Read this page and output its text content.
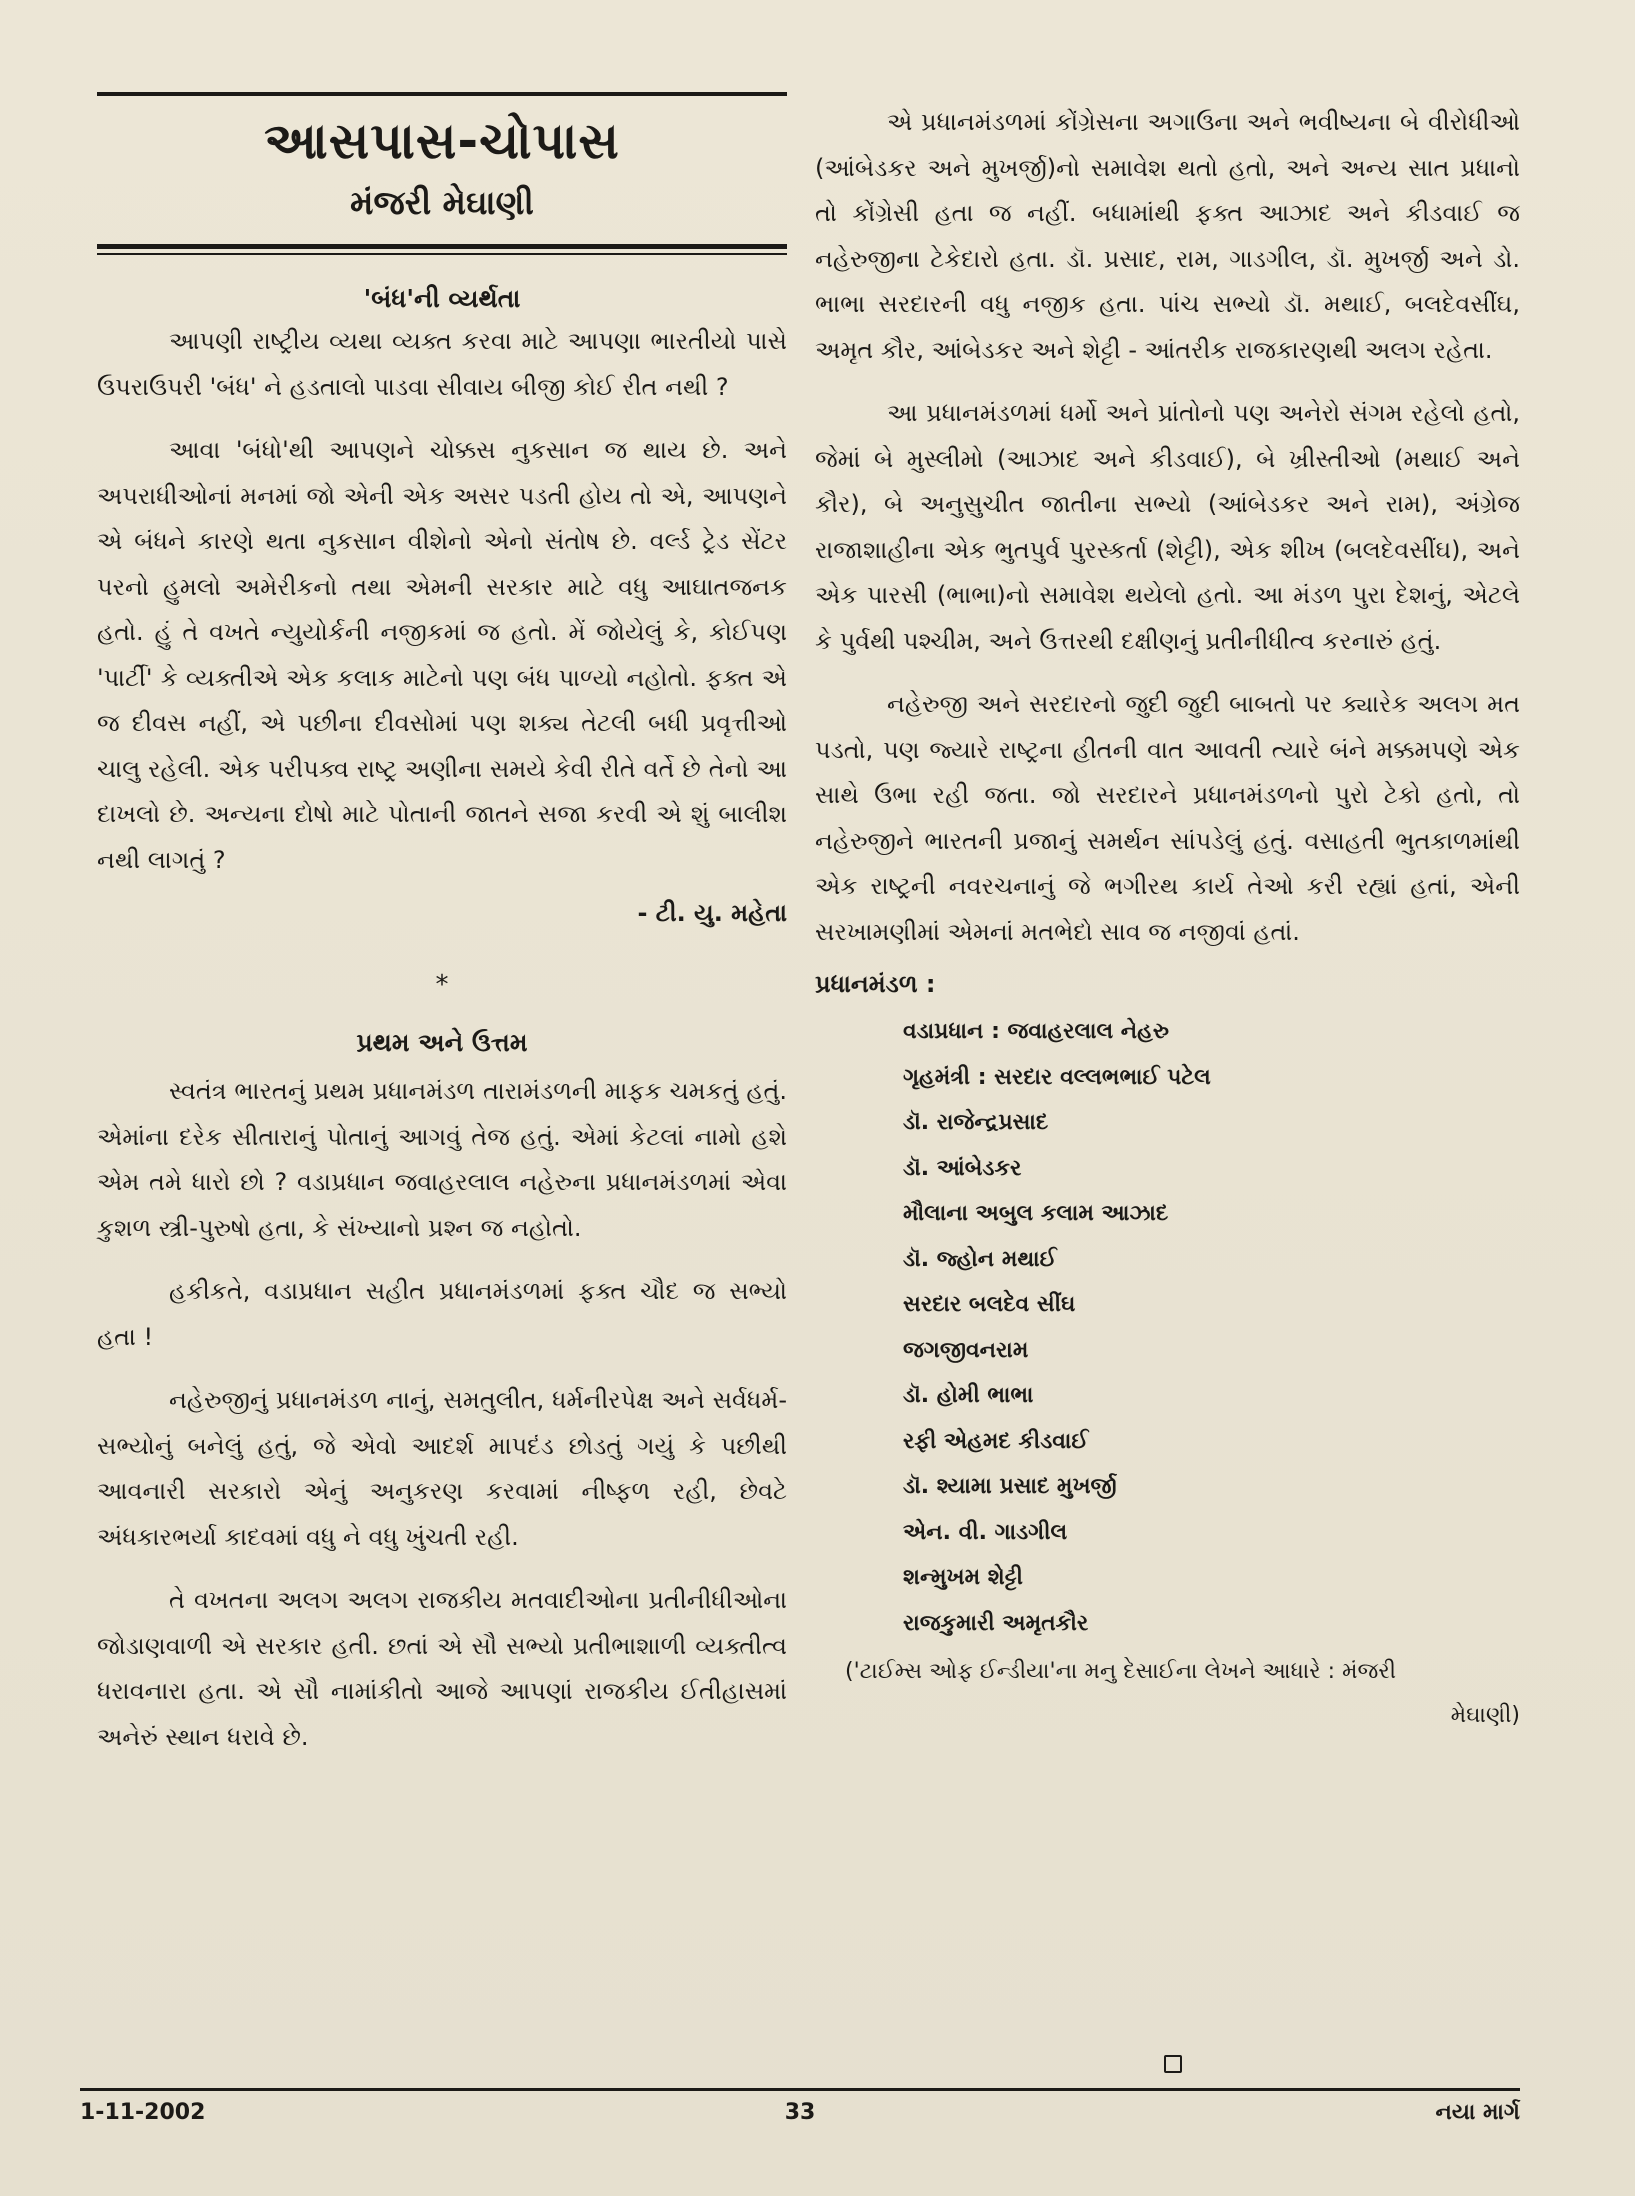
આસપાસ-ચોપાસ
મંજરી મેઘાણી
'બંધ'ની વ્યર્થતા

આપણી રાષ્ટ્રીય વ્યથા વ્યક્ત કરવા માટે આપણા ભારતીયો પાસે ઉપરાઉપરી 'બંધ' ને હડતાલો પાડવા સીવાય બીજી કોઈ રીત નથી ?

આવા 'બંધો'થી આપણને ચોક્કસ નુકસાન જ થાય છે. અને અપરાધીઓનાં મનમાં જો એની એક અસર પડતી હોય તો એ, આપણને એ બંધને કારણે થતા નુકસાન વીશેનો એનો સંતોષ છે. વર્લ્ડ ટ્રેડ સેંટર પરનો હુમલો અમેરીકનો તથા એમની સરકાર માટે વધુ આઘાતજનક હતો. હું તે વખતે ન્યુયોર્કની નજીકમાં જ હતો. મેં જોયેલું કે, કોઈપણ 'પાર્ટી' કે વ્યક્તીએ એક કલાક માટેનો પણ બંધ પાળ્યો નહોતો. ફક્ત એ જ દીવસ નહીં, એ પછીના દીવસોમાં પણ શક્ય તેટલી બધી પ્રવૃત્તીઓ ચાલુ રહેલી. એક પરીપક્વ રાષ્ટ્ર અણીના સમયે કેવી રીતે વર્તે છે તેનો આ દાખલો છે. અન્યના દોષો માટે પોતાની જાતને સજા કરવી એ શું બાલીશ નથી લાગતું ?

- ટી. યુ. મહેતા
*
પ્રથમ અને ઉત્તમ

સ્વતંત્ર ભારતનું પ્રથમ પ્રધાનમંડળ તારામંડળની માફક ચમકતું હતું. એમાંના દરેક સીતારાનું પોતાનું આગવું તેજ હતું. એમાં કેટલાં નામો હશે એમ તમે ધારો છો ? વડાપ્રધાન જવાહરલાલ નહેરુના પ્રધાનમંડળમાં એવા કુશળ સ્ત્રી-પુરુષો હતા, કે સંખ્યાનો પ્રશ્ન જ નહોતો.

હકીકતે, વડાપ્રધાન સહીત પ્રધાનમંડળમાં ફક્ત ચૌદ જ સભ્યો હતા !

નહેરુજીનું પ્રધાનમંડળ નાનું, સમતુલીત, ધર્મનીરપેક્ષ અને સર્વધર્મ-સભ્યોનું બનેલું હતું, જે એવો આદર્શ માપદંડ છોડતું ગયું કે પછીથી આવનારી સરકારો એનું અનુકરણ કરવામાં નીષ્ફળ રહી, છેવટે અંધકારભર્યા કાદવમાં વધુ ને વધુ ખુંચતી રહી.

તે વખતના અલગ અલગ રાજકીય મતવાદીઓના પ્રતીનીધીઓના જોડાણવાળી એ સરકાર હતી. છતાં એ સૌ સભ્યો પ્રતીભાશાળી વ્યક્તીત્વ ધરાવનારા હતા. એ સૌ નામાંકીતો આજે આપણાં રાજકીય ઈતીહાસમાં અનેરું સ્થાન ધરાવે છે.

એ પ્રધાનમંડળમાં કોંગ્રેસના અગાઉના અને ભવીષ્યના બે વીરોધીઓ (આંબેડકર અને મુખર્જી)નો સમાવેશ થતો હતો, અને અન્ય સાત પ્રધાનો તો કોંગ્રેસી હતા જ નહીં. બધામાંથી ફક્ત આઝાદ અને કીડવાઈ જ નહેરુજીના ટેકેદારો હતા. ડૉ. પ્રસાદ, રામ, ગાડગીલ, ડૉ. મુખર્જી અને ડો. ભાભા સરદારની વધુ નજીક હતા. પાંચ સભ્યો ડૉ. મથાઈ, બલદેવસીંઘ, અમૃત કૌર, આંબેડકર અને શેટ્ટી - આંતરીક રાજકારણથી અલગ રહેતા.

આ પ્રધાનમંડળમાં ધર્મો અને પ્રાંતોનો પણ અનેરો સંગમ રહેલો હતો, જેમાં બે મુસ્લીમો (આઝાદ અને કીડવાઈ), બે ખ્રીસ્તીઓ (મથાઈ અને કૌર), બે અનુસુચીત જાતીના સભ્યો (આંબેડકર અને રામ), અંગ્રેજ રાજાશાહીના એક ભુતપુર્વ પુરસ્કર્તા (શેટ્ટી), એક શીખ (બલદેવસીંઘ), અને એક પારસી (ભાભા)નો સમાવેશ થયેલો હતો. આ મંડળ પુરા દેશનું, એટલે કે પુર્વથી પશ્ચીમ, અને ઉત્તરથી દક્ષીણનું પ્રતીનીધીત્વ કરનારું હતું.

નહેરુજી અને સરદારનો જુદી જુદી બાબતો પર ક્યારેક અલગ મત પડતો, પણ જ્યારે રાષ્ટ્રના હીતની વાત આવતી ત્યારે બંને મક્કમપણે એક સાથે ઉભા રહી જતા. જો સરદારને પ્રધાનમંડળનો પુરો ટેકો હતો, તો નહેરુજીને ભારતની પ્રજાનું સમર્થન સાંપડેલું હતું. વસાહતી ભુતકાળમાંથી એક રાષ્ટ્રની નવરચનાનું જે ભગીરથ કાર્ય તેઓ કરી રહ્યાં હતાં, એની સરખામણીમાં એમનાં મતભેદો સાવ જ નજીવાં હતાં.

પ્રધાનમંડળ :
વડાપ્રધાન : જવાહરલાલ નેહરુ
ગૃહમંત્રી : સરદાર વલ્લભભાઈ પટેલ
ડૉ. રાજેન્દ્રપ્રસાદ
ડૉ. આંબેડકર
મૌલાના અબુલ કલામ આઝાદ
ડૉ. જ્હોન મથાઈ
સરદાર બલદેવ સીંઘ
જગજીવનરામ
ડૉ. હોમી ભાભા
રફી એહમદ કીડવાઈ
ડૉ. શ્યામા પ્રસાદ મુખર્જી
એન. વી. ગાડગીલ
શન્મુખમ શેટ્ટી
રાજકુમારી અમૃતકૌર
('ટાઈમ્સ ઓફ ઈન્ડીયા'ના મનુ દેસાઈના લેખને આધારે : મંજરી
મેઘાણી)
1-11-2002	33	નયા માર્ગ
